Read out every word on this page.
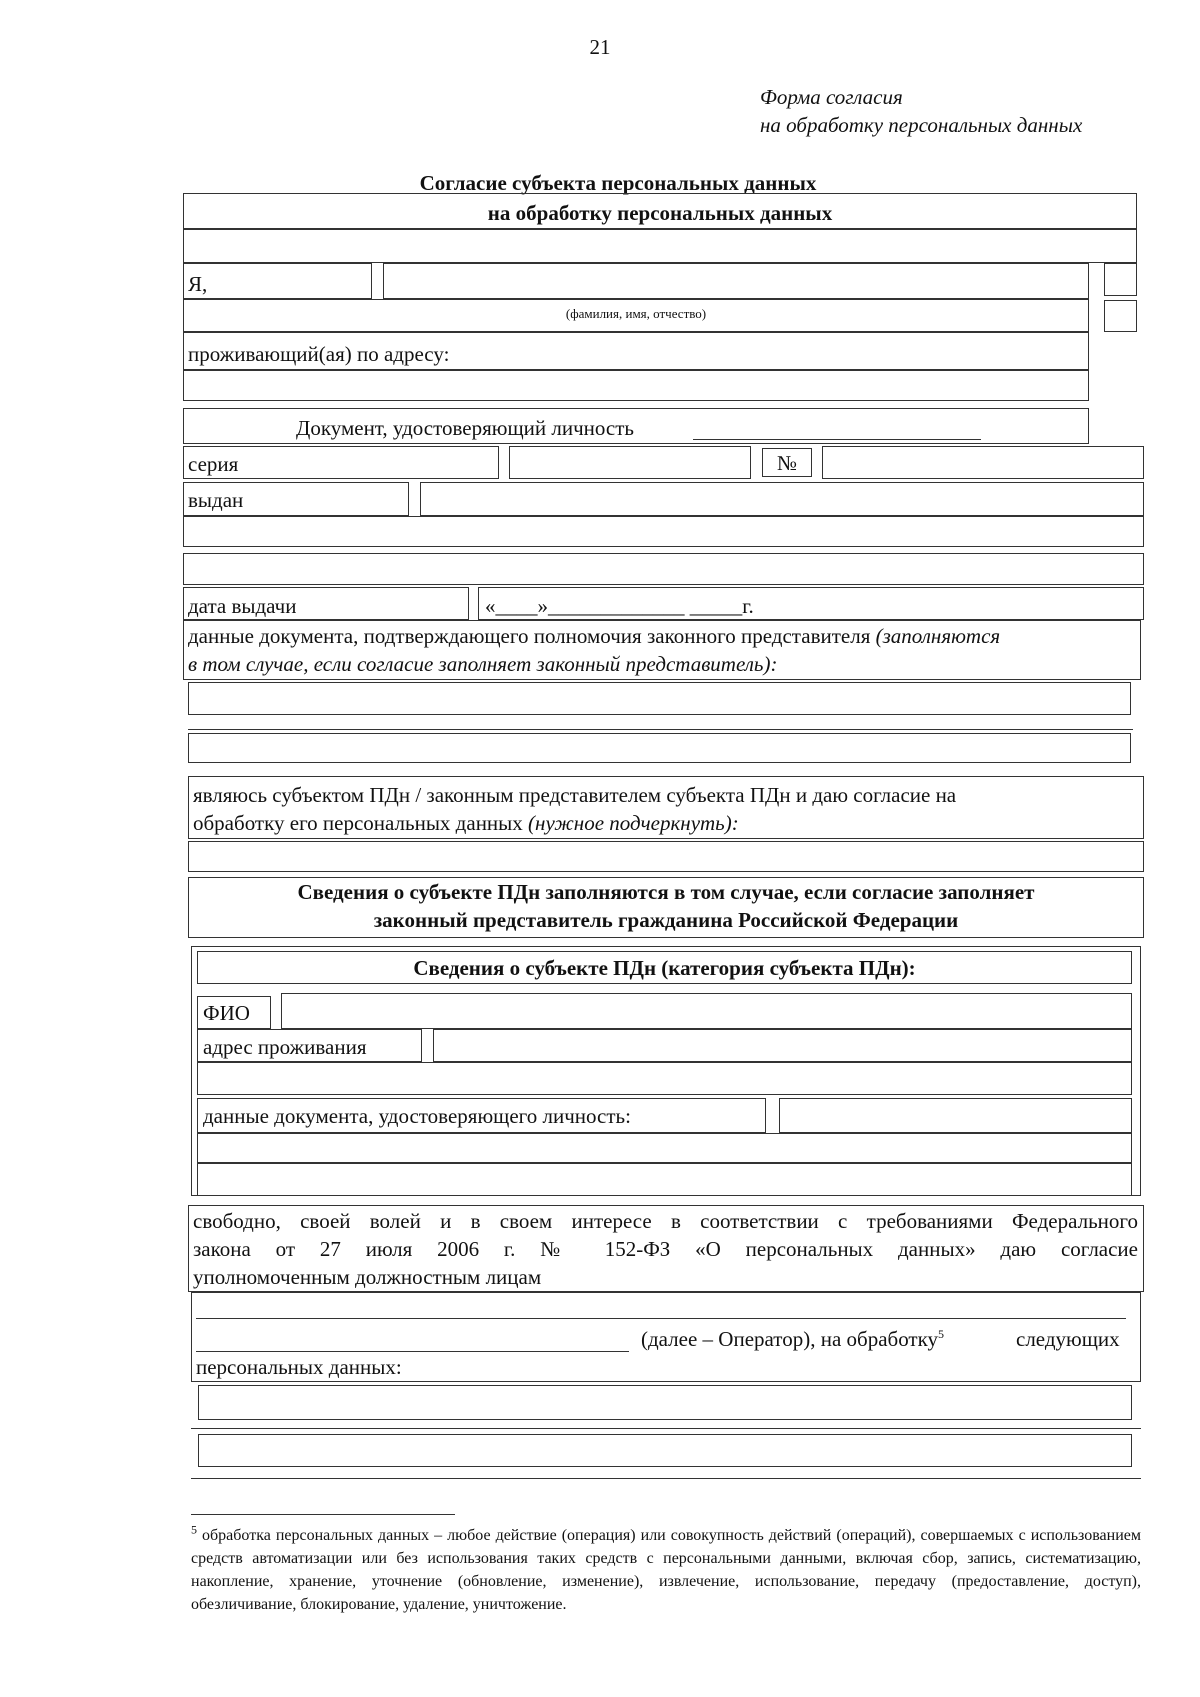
21
Форма согласия
на обработку персональных данных
Согласие субъекта персональных данных
на обработку персональных данных
Я,
(фамилия, имя, отчество)
проживающий(ая) по адресу:
Документ, удостоверяющий личность
серия	№
выдан
дата выдачи	«____»_____________ _____г.
данные документа, подтверждающего полномочия законного представителя (заполняются
в том случае, если согласие заполняет законный представитель):
являюсь субъектом ПДн / законным представителем субъекта ПДн и даю согласие на
обработку его персональных данных (нужное подчеркнуть):
Сведения о субъекте ПДн заполняются в том случае, если согласие заполняет
законный представитель гражданина Российской Федерации
Сведения о субъекте ПДн (категория субъекта ПДн):
ФИО
адрес проживания
данные документа, удостоверяющего личность:
свободно, своей волей и в своем интересе в соответствии с требованиями Федерального
закона от 27 июля 2006 г. № 152-ФЗ «О персональных данных» даю согласие
уполномоченным должностным лицам
(далее – Оператор), на обработку$^5$	следующих
персональных данных:
$^5$ обработка персональных данных – любое действие (операция) или совокупность действий (операций), совершаемых с использованием средств автоматизации или без использования таких средств с персональными данными, включая сбор, запись, систематизацию, накопление, хранение, уточнение (обновление, изменение), извлечение, использование, передачу (предоставление, доступ), обезличивание, блокирование, удаление, уничтожение.
